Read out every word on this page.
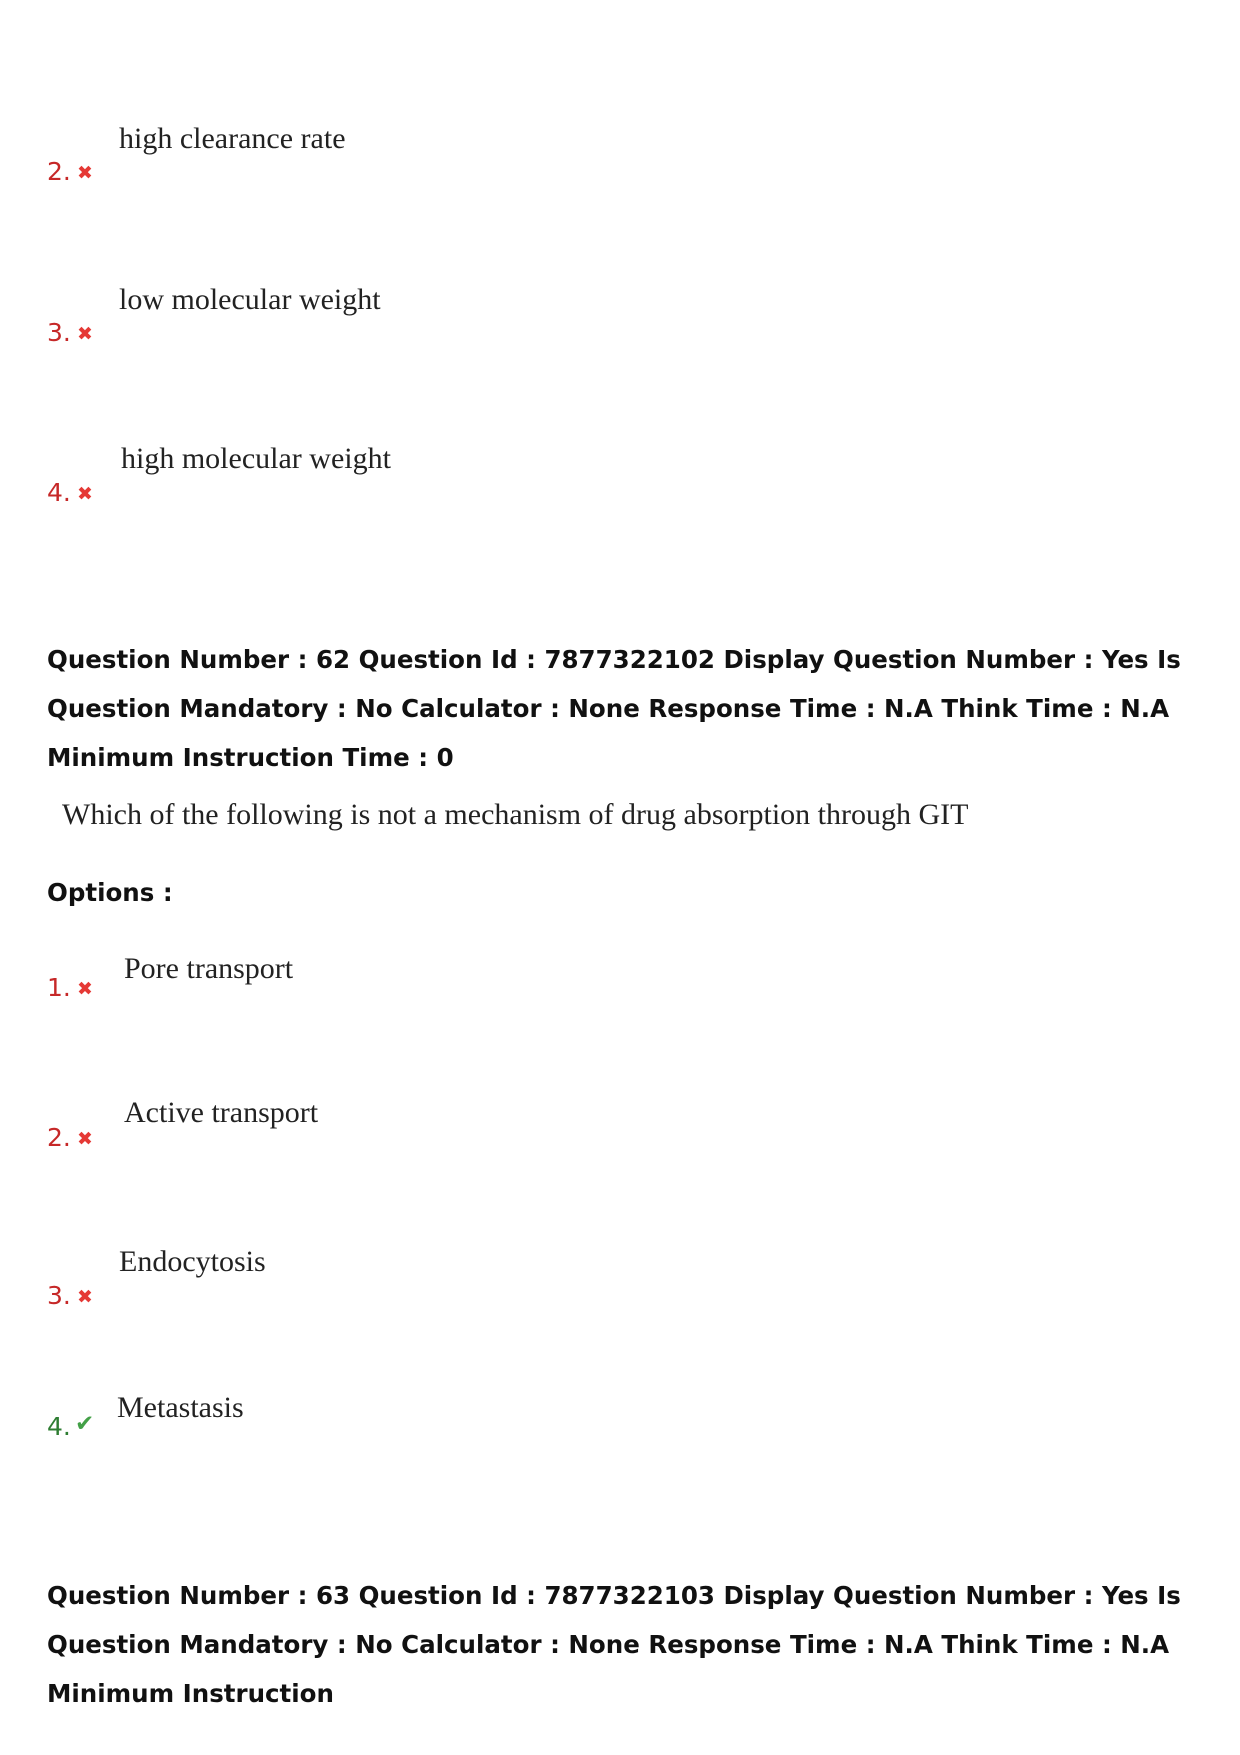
2. ✖
high clearance rate
3. ✖
low molecular weight
4. ✖
high molecular weight

Question Number : 62 Question Id : 7877322102 Display Question Number : Yes Is Question Mandatory : No Calculator : None Response Time : N.A Think Time : N.A Minimum Instruction Time : 0

Which of the following is not a mechanism of drug absorption through GIT
Options :
1. ✖
Pore transport
2. ✖
Active transport
3. ✖
Endocytosis
4. ✔ Metastasis

Question Number : 63 Question Id : 7877322103 Display Question Number : Yes Is Question Mandatory : No Calculator : None Response Time : N.A Think Time : N.A Minimum Instruction
